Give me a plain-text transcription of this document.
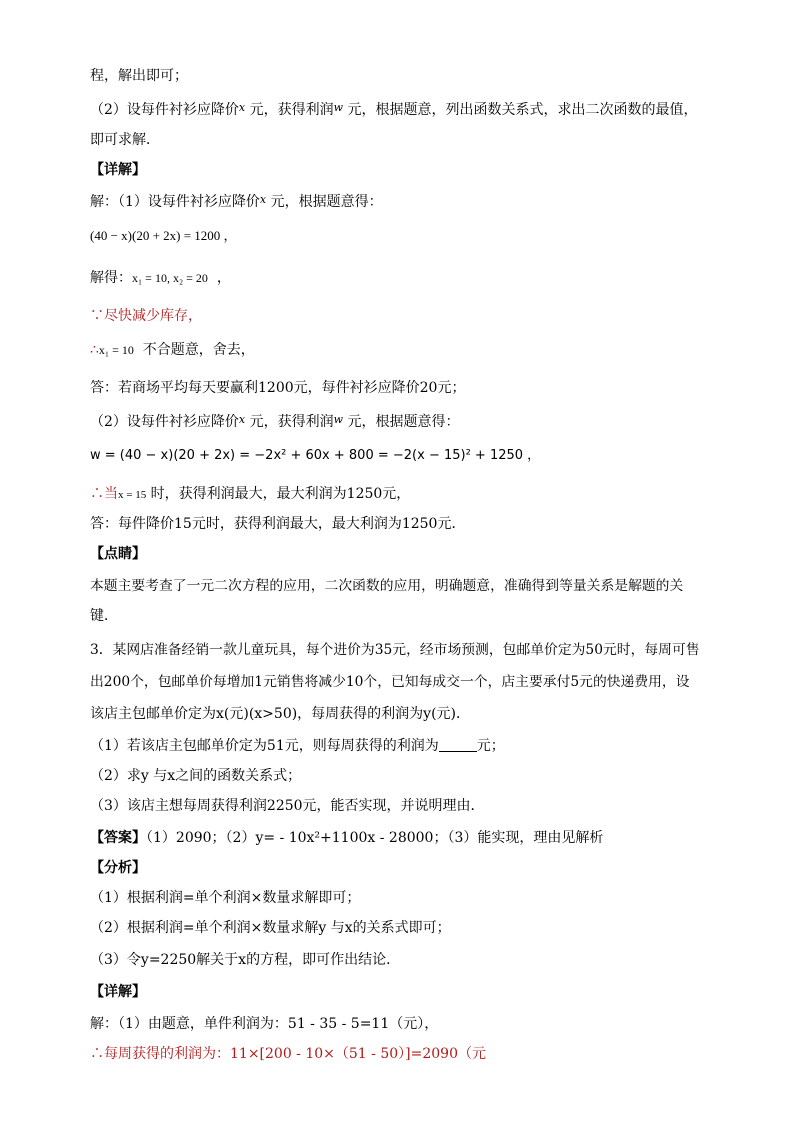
程，解出即可；
（2）设每件衬衫应降价$^x$ 元，获得利润$^w$ 元，根据题意，列出函数关系式，求出二次函数的最值，
即可求解．
【详解】
解：（1）设每件衬衫应降价$^x$ 元，根据题意得：
(40 − x)(20 + 2x) = 1200 ，
解得：x₁ = 10, x₂ = 20 ，
∵尽快减少库存，
∴x₁ = 10 不合题意，舍去，
答：若商场平均每天要赢利1200元，每件衬衫应降价20元；
（2）设每件衬衫应降价$^x$ 元，获得利润$^w$ 元，根据题意得：
w = (40 − x)(20 + 2x) = −2x² + 60x + 800 = −2(x − 15)² + 1250 ，
∴当x = 15 时，获得利润最大，最大利润为1250元，
答：每件降价15元时，获得利润最大，最大利润为1250元．
【点睛】
本题主要考查了一元二次方程的应用，二次函数的应用，明确题意，准确得到等量关系是解题的关
键．
3．某网店准备经销一款儿童玩具，每个进价为35元，经市场预测，包邮单价定为50元时，每周可售
出200个，包邮单价每增加1元销售将减少10个，已知每成交一个，店主要承付5元的快递费用，设
该店主包邮单价定为x(元)(x>50)，每周获得的利润为y(元)．
（1）若该店主包邮单价定为51元，则每周获得的利润为	元；
（2）求y 与x之间的函数关系式；
（3）该店主想每周获得利润2250元，能否实现，并说明理由．
【答案】（1）2090；（2）y= - 10x²+1100x - 28000；（3）能实现，理由见解析
【分析】
（1）根据利润=单个利润×数量求解即可；
（2）根据利润=单个利润×数量求解y 与x的关系式即可；
（3）令y=2250解关于x的方程，即可作出结论．
【详解】
解：（1）由题意，单件利润为：51 - 35 - 5=11（元），
∴每周获得的利润为：11×[200 - 10×（51 - 50）]=2090（元
